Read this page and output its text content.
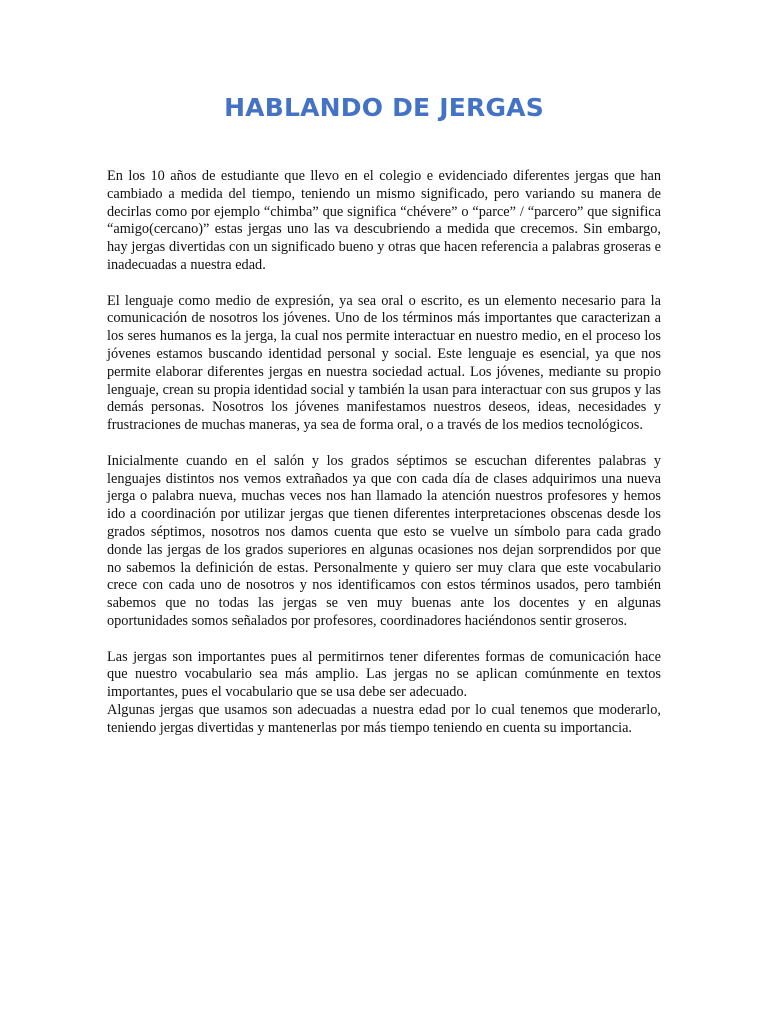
HABLANDO DE JERGAS

En los 10 años de estudiante que llevo en el colegio e evidenciado diferentes jergas que han cambiado a medida del tiempo, teniendo un mismo significado, pero variando su manera de decirlas como por ejemplo “chimba” que significa “chévere” o “parce” / “parcero” que significa “amigo(cercano)” estas jergas uno las va descubriendo a medida que crecemos. Sin embargo, hay jergas divertidas con un significado bueno y otras que hacen referencia a palabras groseras e inadecuadas a nuestra edad.

El lenguaje como medio de expresión, ya sea oral o escrito, es un elemento necesario para la comunicación de nosotros los jóvenes. Uno de los términos más importantes que caracterizan a los seres humanos es la jerga, la cual nos permite interactuar en nuestro medio, en el proceso los jóvenes estamos buscando identidad personal y social. Este lenguaje es esencial, ya que nos permite elaborar diferentes jergas en nuestra sociedad actual. Los jóvenes, mediante su propio lenguaje, crean su propia identidad social y también la usan para interactuar con sus grupos y las demás personas. Nosotros los jóvenes manifestamos nuestros deseos, ideas, necesidades y frustraciones de muchas maneras, ya sea de forma oral, o a través de los medios tecnológicos.

Inicialmente cuando en el salón y los grados séptimos se escuchan diferentes palabras y lenguajes distintos nos vemos extrañados ya que con cada día de clases adquirimos una nueva jerga o palabra nueva, muchas veces nos han llamado la atención nuestros profesores y hemos ido a coordinación por utilizar jergas que tienen diferentes interpretaciones obscenas desde los grados séptimos, nosotros nos damos cuenta que esto se vuelve un símbolo para cada grado donde las jergas de los grados superiores en algunas ocasiones nos dejan sorprendidos por que no sabemos la definición de estas. Personalmente y quiero ser muy clara que este vocabulario crece con cada uno de nosotros y nos identificamos con estos términos usados, pero también sabemos que no todas las jergas se ven muy buenas ante los docentes y en algunas oportunidades somos señalados por profesores, coordinadores haciéndonos sentir groseros.

Las jergas son importantes pues al permitirnos tener diferentes formas de comunicación hace que nuestro vocabulario sea más amplio. Las jergas no se aplican comúnmente en textos importantes, pues el vocabulario que se usa debe ser adecuado.

Algunas jergas que usamos son adecuadas a nuestra edad por lo cual tenemos que moderarlo, teniendo jergas divertidas y mantenerlas por más tiempo teniendo en cuenta su importancia.
